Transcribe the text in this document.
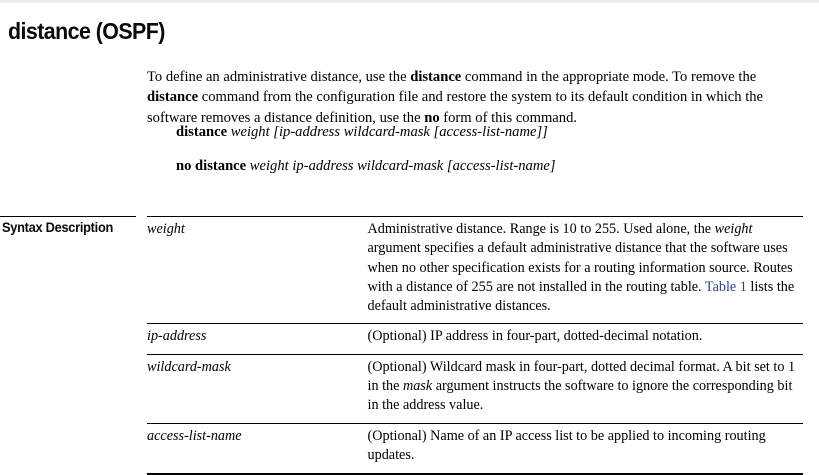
distance (OSPF)

To define an administrative distance, use the distance command in the appropriate mode. To remove the distance command from the configuration file and restore the system to its default condition in which the software removes a distance definition, use the no form of this command.

distance weight [ip-address wildcard-mask [access-list-name]]
no distance weight ip-address wildcard-mask [access-list-name]
Syntax Description weight	Administrative distance. Range is 10 to 255. Used alone, the weight argument specifies a default administrative distance that the software uses when no other specification exists for a routing information source. Routes with a distance of 255 are not installed in the routing table. Table 1 lists the default administrative distances.
ip-address	(Optional) IP address in four-part, dotted-decimal notation.
wildcard-mask	(Optional) Wildcard mask in four-part, dotted decimal format. A bit set to 1 in the mask argument instructs the software to ignore the corresponding bit in the address value.
access-list-name	(Optional) Name of an IP access list to be applied to incoming routing updates.
